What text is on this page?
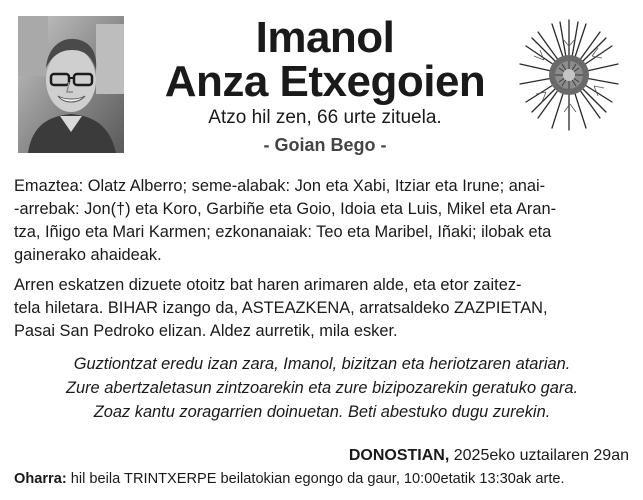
Imanol
Anza Etxegoien
Atzo hil zen, 66 urte zituela.
- Goian Bego -
Emaztea: Olatz Alberro; seme-alabak: Jon eta Xabi, Itziar eta Irune; anai-
-arrebak: Jon(†) eta Koro, Garbiñe eta Goio, Idoia eta Luis, Mikel eta Aran-
tza, Iñigo eta Mari Karmen; ezkonanaiak: Teo eta Maribel, Iñaki; ilobak eta
gainerako ahaideak.
Arren eskatzen dizuete otoitz bat haren arimaren alde, eta etor zaitez-
tela hiletara. BIHAR izango da, ASTEAZKENA, arratsaldeko ZAZPIETAN,
Pasai San Pedroko elizan. Aldez aurretik, mila esker.
Guztiontzat eredu izan zara, Imanol, bizitzan eta heriotzaren atarian.
Zure abertzaletasun zintzoarekin eta zure bizipozarekin geratuko gara.
Zoaz kantu zoragarrien doinuetan. Beti abestuko dugu zurekin.
DONOSTIAN, 2025eko uztailaren 29an
Oharra: hil beila TRINTXERPE beilatokian egongo da gaur, 10:00etatik 13:30ak arte.
